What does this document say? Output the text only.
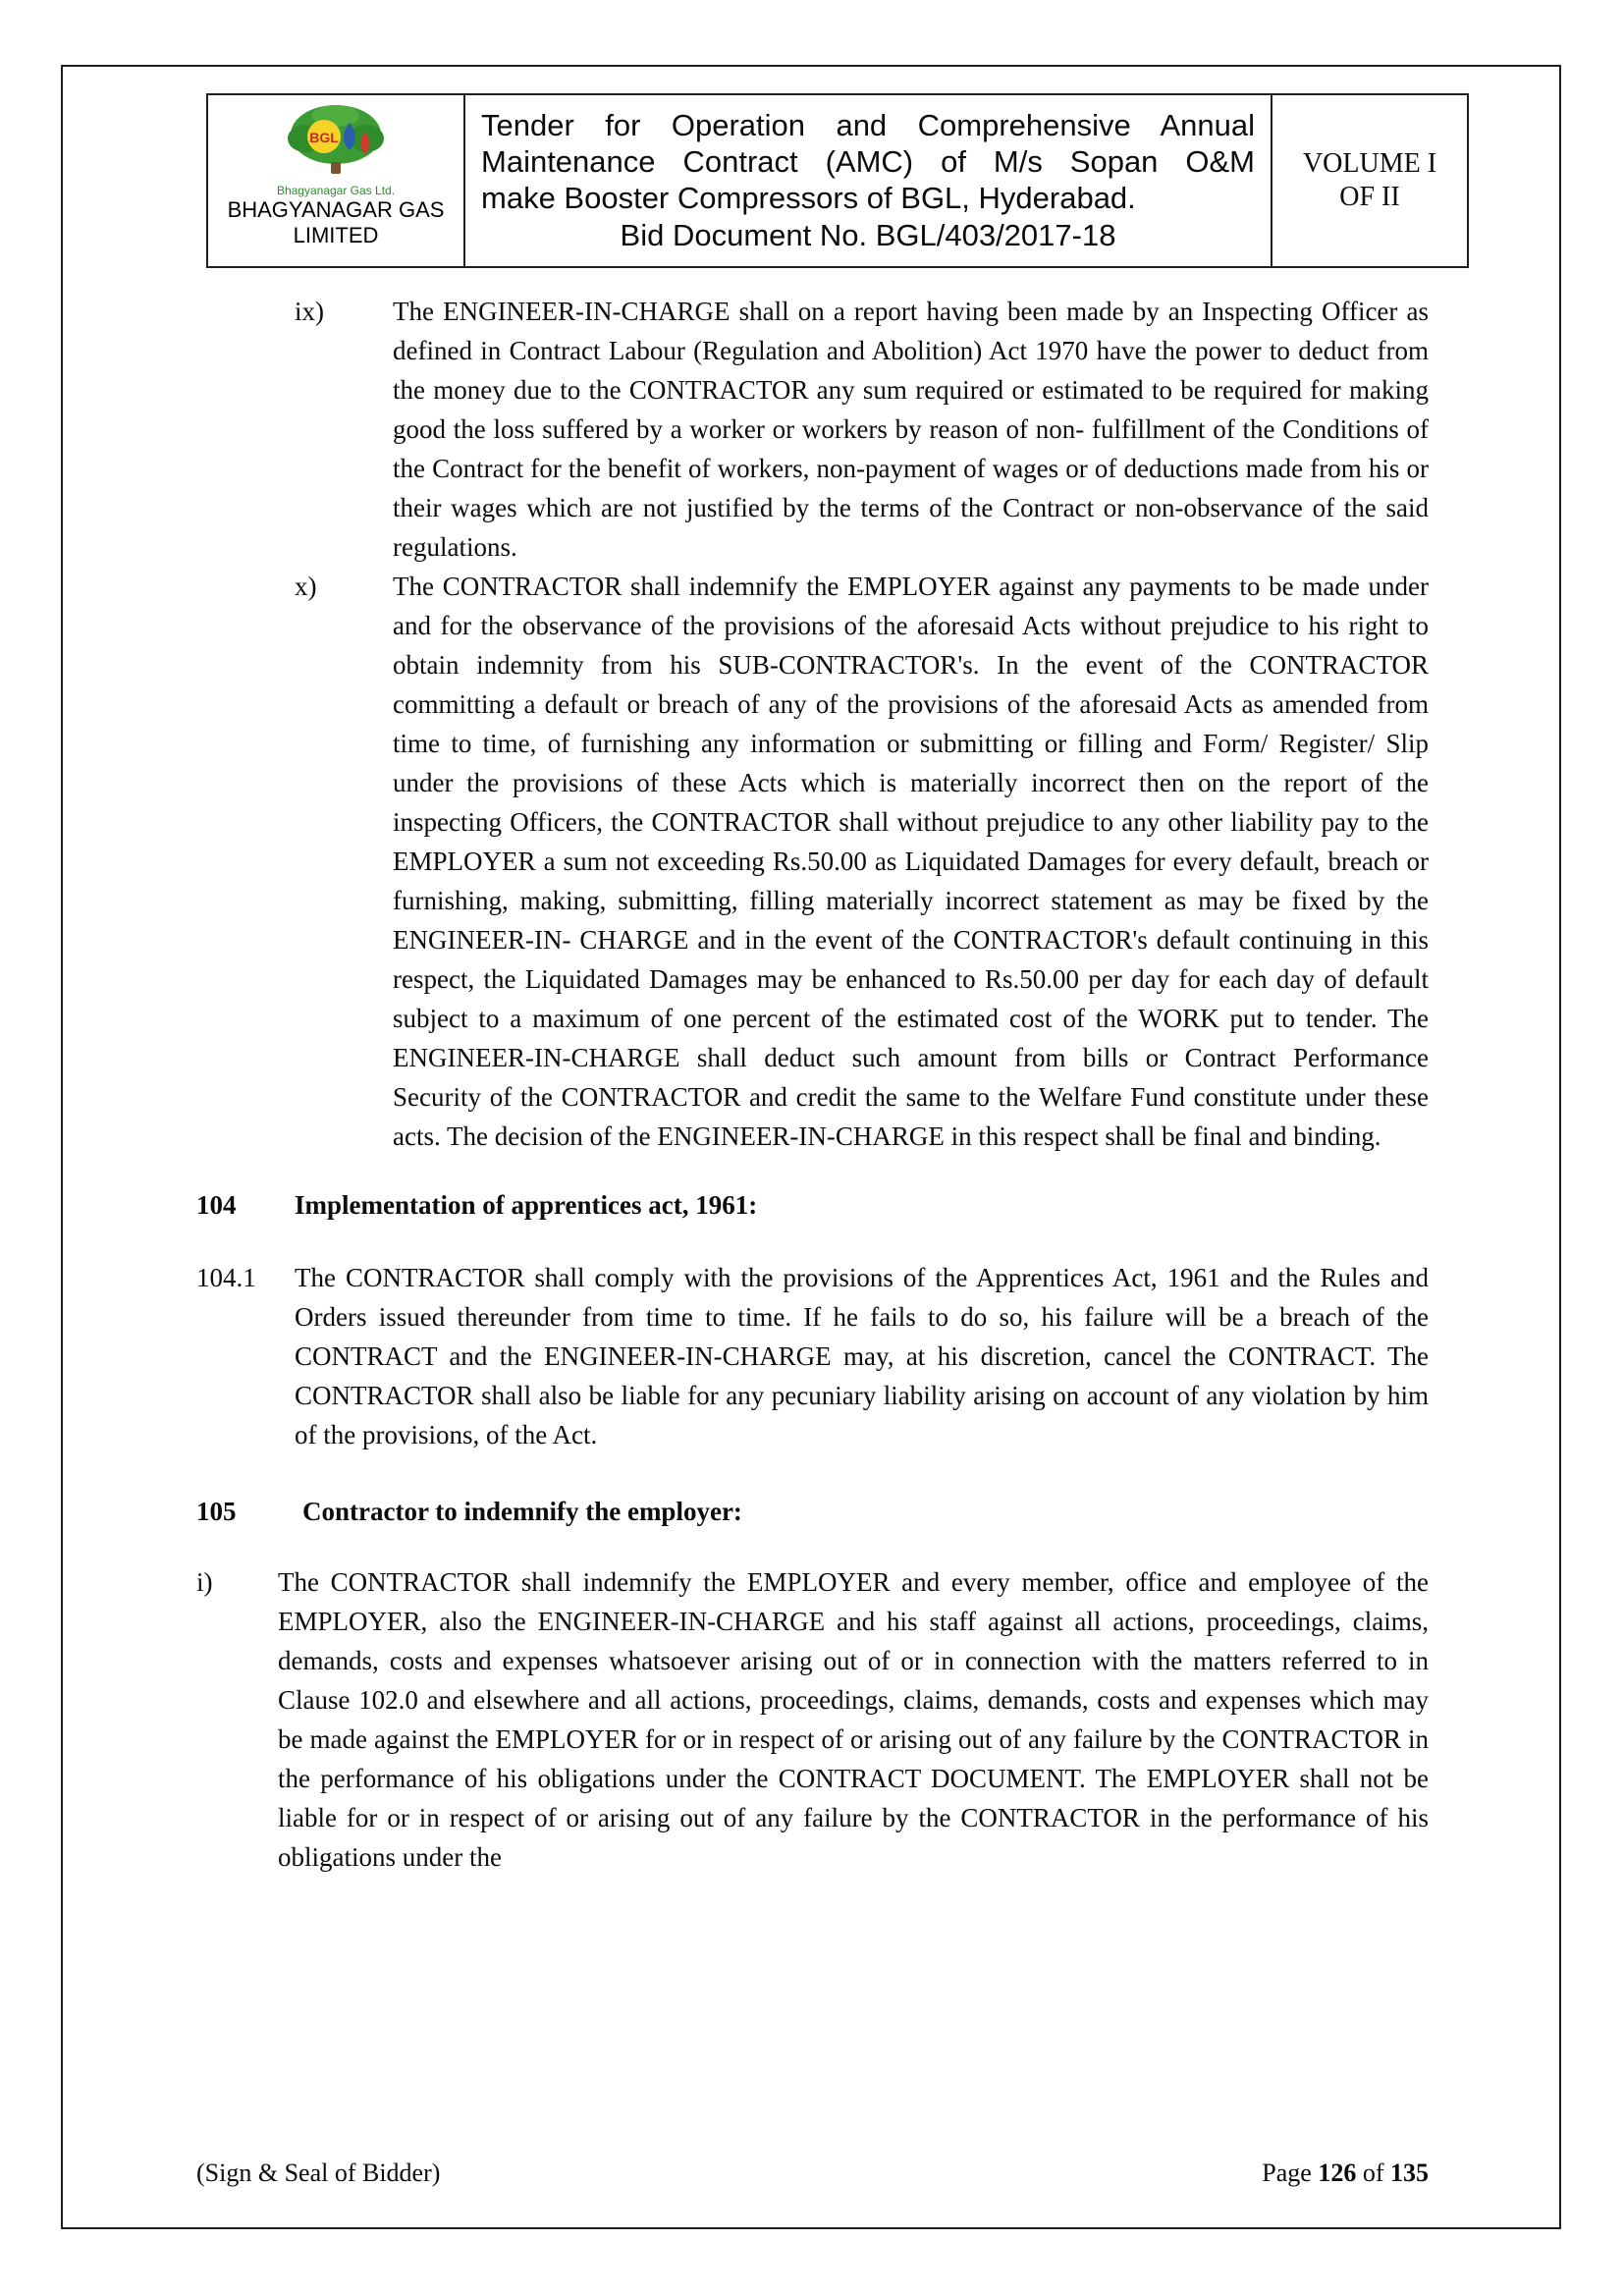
BGL
Bhagyanagar Gas Ltd.
BHAGYANAGAR GAS
LIMITED
Tender for Operation and Comprehensive Annual
Maintenance Contract (AMC) of M/s Sopan O&M
make Booster Compressors of BGL, Hyderabad.
Bid Document No. BGL/403/2017-18
VOLUME I
OF II
ix)	The ENGINEER-IN-CHARGE shall on a report having been made by an Inspecting Officer as defined in Contract Labour (Regulation and Abolition) Act 1970 have the power to deduct from the money due to the CONTRACTOR any sum required or estimated to be required for making good the loss suffered by a worker or workers by reason of non- fulfillment of the Conditions of the Contract for the benefit of workers, non-payment of wages or of deductions made from his or their wages which are not justified by the terms of the Contract or non-observance of the said regulations.
x)	The CONTRACTOR shall indemnify the EMPLOYER against any payments to be made under and for the observance of the provisions of the aforesaid Acts without prejudice to his right to obtain indemnity from his SUB-CONTRACTOR's. In the event of the CONTRACTOR committing a default or breach of any of the provisions of the aforesaid Acts as amended from time to time, of furnishing any information or submitting or filling and Form/ Register/ Slip under the provisions of these Acts which is materially incorrect then on the report of the inspecting Officers, the CONTRACTOR shall without prejudice to any other liability pay to the EMPLOYER a sum not exceeding Rs.50.00 as Liquidated Damages for every default, breach or furnishing, making, submitting, filling materially incorrect statement as may be fixed by the ENGINEER-IN- CHARGE and in the event of the CONTRACTOR's default continuing in this respect, the Liquidated Damages may be enhanced to Rs.50.00 per day for each day of default subject to a maximum of one percent of the estimated cost of the WORK put to tender. The ENGINEER-IN-CHARGE shall deduct such amount from bills or Contract Performance Security of the CONTRACTOR and credit the same to the Welfare Fund constitute under these acts. The decision of the ENGINEER-IN-CHARGE in this respect shall be final and binding.
104 Implementation of apprentices act, 1961:
104.1 The CONTRACTOR shall comply with the provisions of the Apprentices Act, 1961 and the Rules and Orders issued thereunder from time to time. If he fails to do so, his failure will be a breach of the CONTRACT and the ENGINEER-IN-CHARGE may, at his discretion, cancel the CONTRACT. The CONTRACTOR shall also be liable for any pecuniary liability arising on account of any violation by him of the provisions, of the Act.
105	Contractor to indemnify the employer:
i) The CONTRACTOR shall indemnify the EMPLOYER and every member, office and employee of the EMPLOYER, also the ENGINEER-IN-CHARGE and his staff against all actions, proceedings, claims, demands, costs and expenses whatsoever arising out of or in connection with the matters referred to in Clause 102.0 and elsewhere and all actions, proceedings, claims, demands, costs and expenses which may be made against the EMPLOYER for or in respect of or arising out of any failure by the CONTRACTOR in the performance of his obligations under the CONTRACT DOCUMENT. The EMPLOYER shall not be liable for or in respect of or arising out of any failure by the CONTRACTOR in the performance of his obligations under the
(Sign & Seal of Bidder)	Page 126 of 135
